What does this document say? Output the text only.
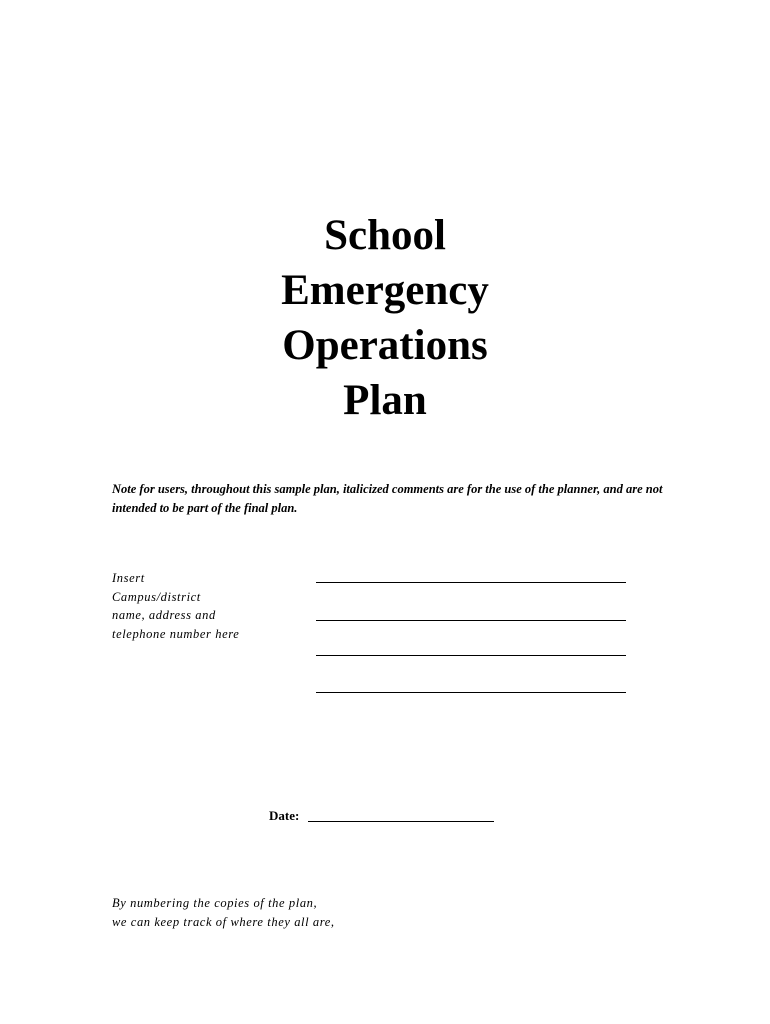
School
Emergency
Operations
Plan

Note for users, throughout this sample plan, italicized comments are for the use of the planner, and are not intended to be part of the final plan.

Insert
Campus/district
name, address and
telephone number here

Date:

By numbering the copies of the plan,
we can keep track of where they all are,
